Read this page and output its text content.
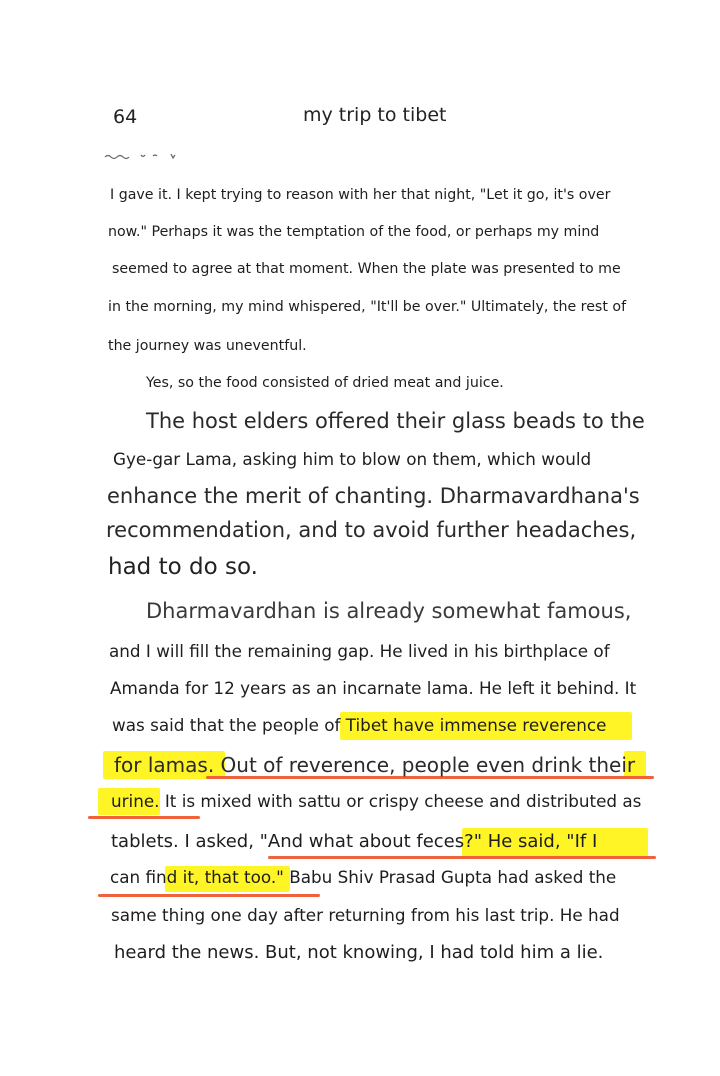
64	my trip to tibet
I gave it. I kept trying to reason with her that night, "Let it go, it's over
now." Perhaps it was the temptation of the food, or perhaps my mind
seemed to agree at that moment. When the plate was presented to me
in the morning, my mind whispered, "It'll be over." Ultimately, the rest of
the journey was uneventful.
Yes, so the food consisted of dried meat and juice.
The host elders offered their glass beads to the
Gye-gar Lama, asking him to blow on them, which would
enhance the merit of chanting. Dharmavardhana's
recommendation, and to avoid further headaches,
had to do so.
Dharmavardhan is already somewhat famous,
and I will fill the remaining gap. He lived in his birthplace of
Amanda for 12 years as an incarnate lama. He left it behind. It
was said that the people of Tibet have immense reverence
for lamas. Out of reverence, people even drink their
urine. It is mixed with sattu or crispy cheese and distributed as
tablets. I asked, "And what about feces?" He said, "If I
can find it, that too." Babu Shiv Prasad Gupta had asked the
same thing one day after returning from his last trip. He had
heard the news. But, not knowing, I had told him a lie.
